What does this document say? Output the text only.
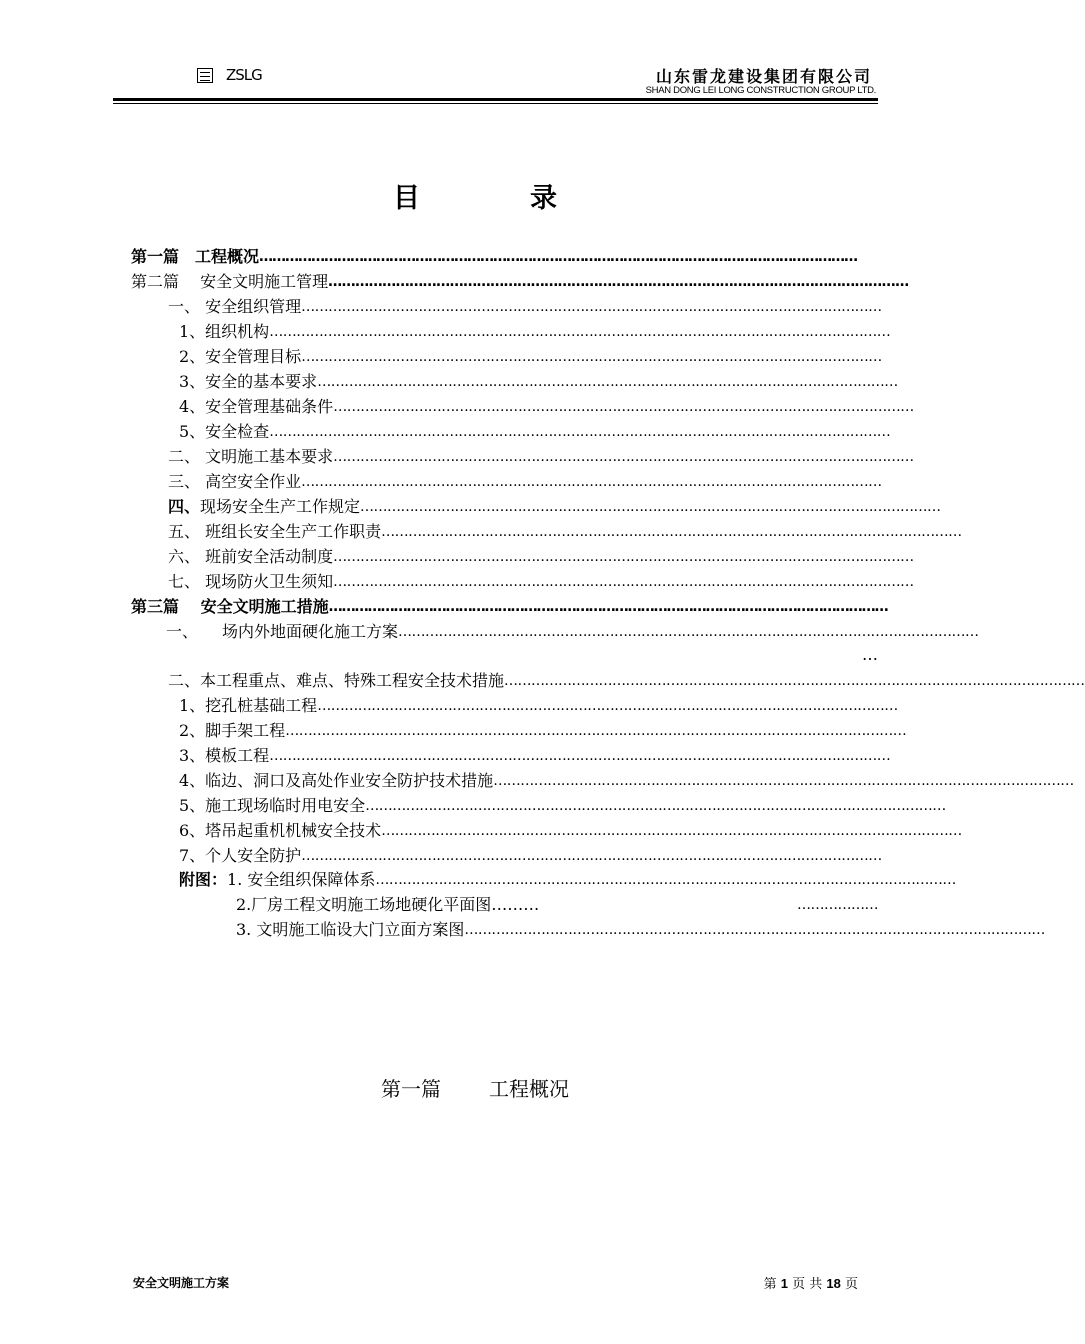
ZSLG	山东雷龙建设集团有限公司
SHAN DONG LEI LONG CONSTRUCTION GROUP LTD.
目	录
第一篇　工程概况 …………………………………………………………………………………………………………………………
第二篇　 安全文明施工管理 …………………………………………………………………………………………………………………
一、 安全组织管理 …………………………………………………………………………………………………………………
1、组织机构 …………………………………………………………………………………………………………………………
2、安全管理目标 …………………………………………………………………………………………………………………
3、安全的基本要求 …………………………………………………………………………………………………………………
4、安全管理基础条件 …………………………………………………………………………………………………………………
5、安全检查 …………………………………………………………………………………………………………………………
二、 文明施工基本要求 …………………………………………………………………………………………………………………
三、 高空安全作业 …………………………………………………………………………………………………………………
四、 现场安全生产工作规定 …………………………………………………………………………………………………………………
五、 班组长安全生产工作职责 …………………………………………………………………………………………………………………
六、 班前安全活动制度 …………………………………………………………………………………………………………………
七、 现场防火卫生须知 …………………………………………………………………………………………………………………
第三篇　 安全文明施工措施 …………………………………………………………………………………………………………………
一、　　场内外地面硬化施工方案 …………………………………………………………………………………………………………………
…
二、本工程重点、难点、特殊工程安全技术措施 …………………………………………………………………………………………………………………
1、挖孔桩基础工程 …………………………………………………………………………………………………………………
2、脚手架工程 …………………………………………………………………………………………………………………………
3、模板工程 …………………………………………………………………………………………………………………………
4、临边、洞口及高处作业安全防护技术措施 …………………………………………………………………………………………………………………
5、施工现场临时用电安全 …………………………………………………………………………………………………………………
6、塔吊起重机机械安全技术 …………………………………………………………………………………………………………………
7、个人安全防护 …………………………………………………………………………………………………………………
附图： 1. 安全组织保障体系 …………………………………………………………………………………………………………………
2.厂房工程文明施工场地硬化平面图………	………………
3. 文明施工临设大门立面方案图 …………………………………………………………………………………………………………………
第一篇 工程概况
安全文明施工方案	第 1 页 共 18 页
